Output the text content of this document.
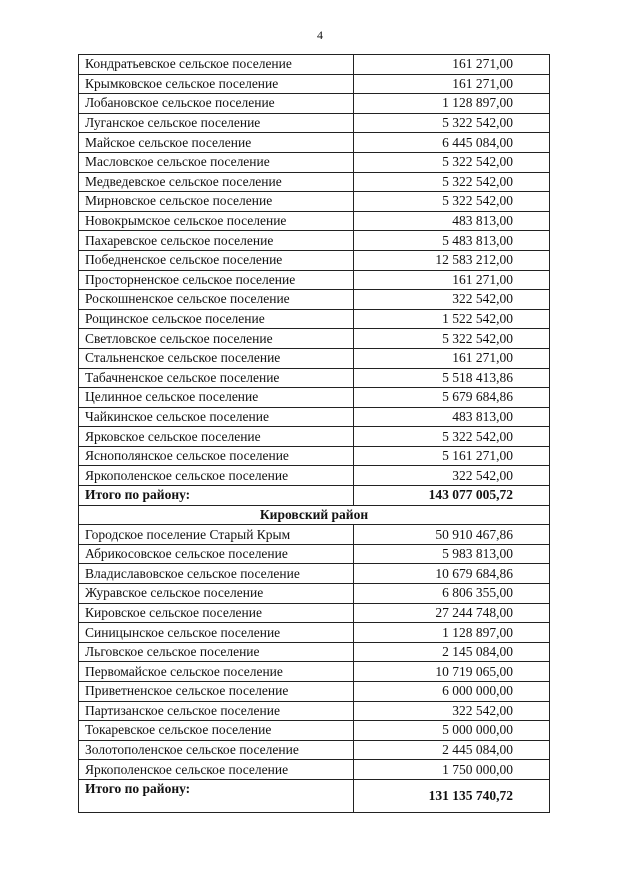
4
Кондратьевское сельское поселение	161 271,00
Крымковское сельское поселение	161 271,00
Лобановское сельское поселение	1 128 897,00
Луганское сельское поселение	5 322 542,00
Майское сельское поселение	6 445 084,00
Масловское сельское поселение	5 322 542,00
Медведевское сельское поселение	5 322 542,00
Мирновское сельское поселение	5 322 542,00
Новокрымское сельское поселение	483 813,00
Пахаревское сельское поселение	5 483 813,00
Победненское сельское поселение	12 583 212,00
Просторненское сельское поселение	161 271,00
Роскошненское сельское поселение	322 542,00
Рощинское сельское поселение	1 522 542,00
Светловское сельское поселение	5 322 542,00
Стальненское сельское поселение	161 271,00
Табачненское сельское поселение	5 518 413,86
Целинное сельское поселение	5 679 684,86
Чайкинское сельское поселение	483 813,00
Ярковское сельское поселение	5 322 542,00
Яснополянское сельское поселение	5 161 271,00
Яркополенское сельское поселение	322 542,00
Итого по району:	143 077 005,72
Кировский район	
Городское поселение Старый Крым	50 910 467,86
Абрикосовское сельское поселение	5 983 813,00
Владиславовское сельское поселение	10 679 684,86
Журавское сельское поселение	6 806 355,00
Кировское сельское поселение	27 244 748,00
Синицынское сельское поселение	1 128 897,00
Льговское сельское поселение	2 145 084,00
Первомайское сельское поселение	10 719 065,00
Приветненское сельское поселение	6 000 000,00
Партизанское сельское поселение	322 542,00
Токаревское сельское поселение	5 000 000,00
Золотополенское сельское поселение	2 445 084,00
Яркополенское сельское поселение	1 750 000,00
Итого по району:	131 135 740,72
